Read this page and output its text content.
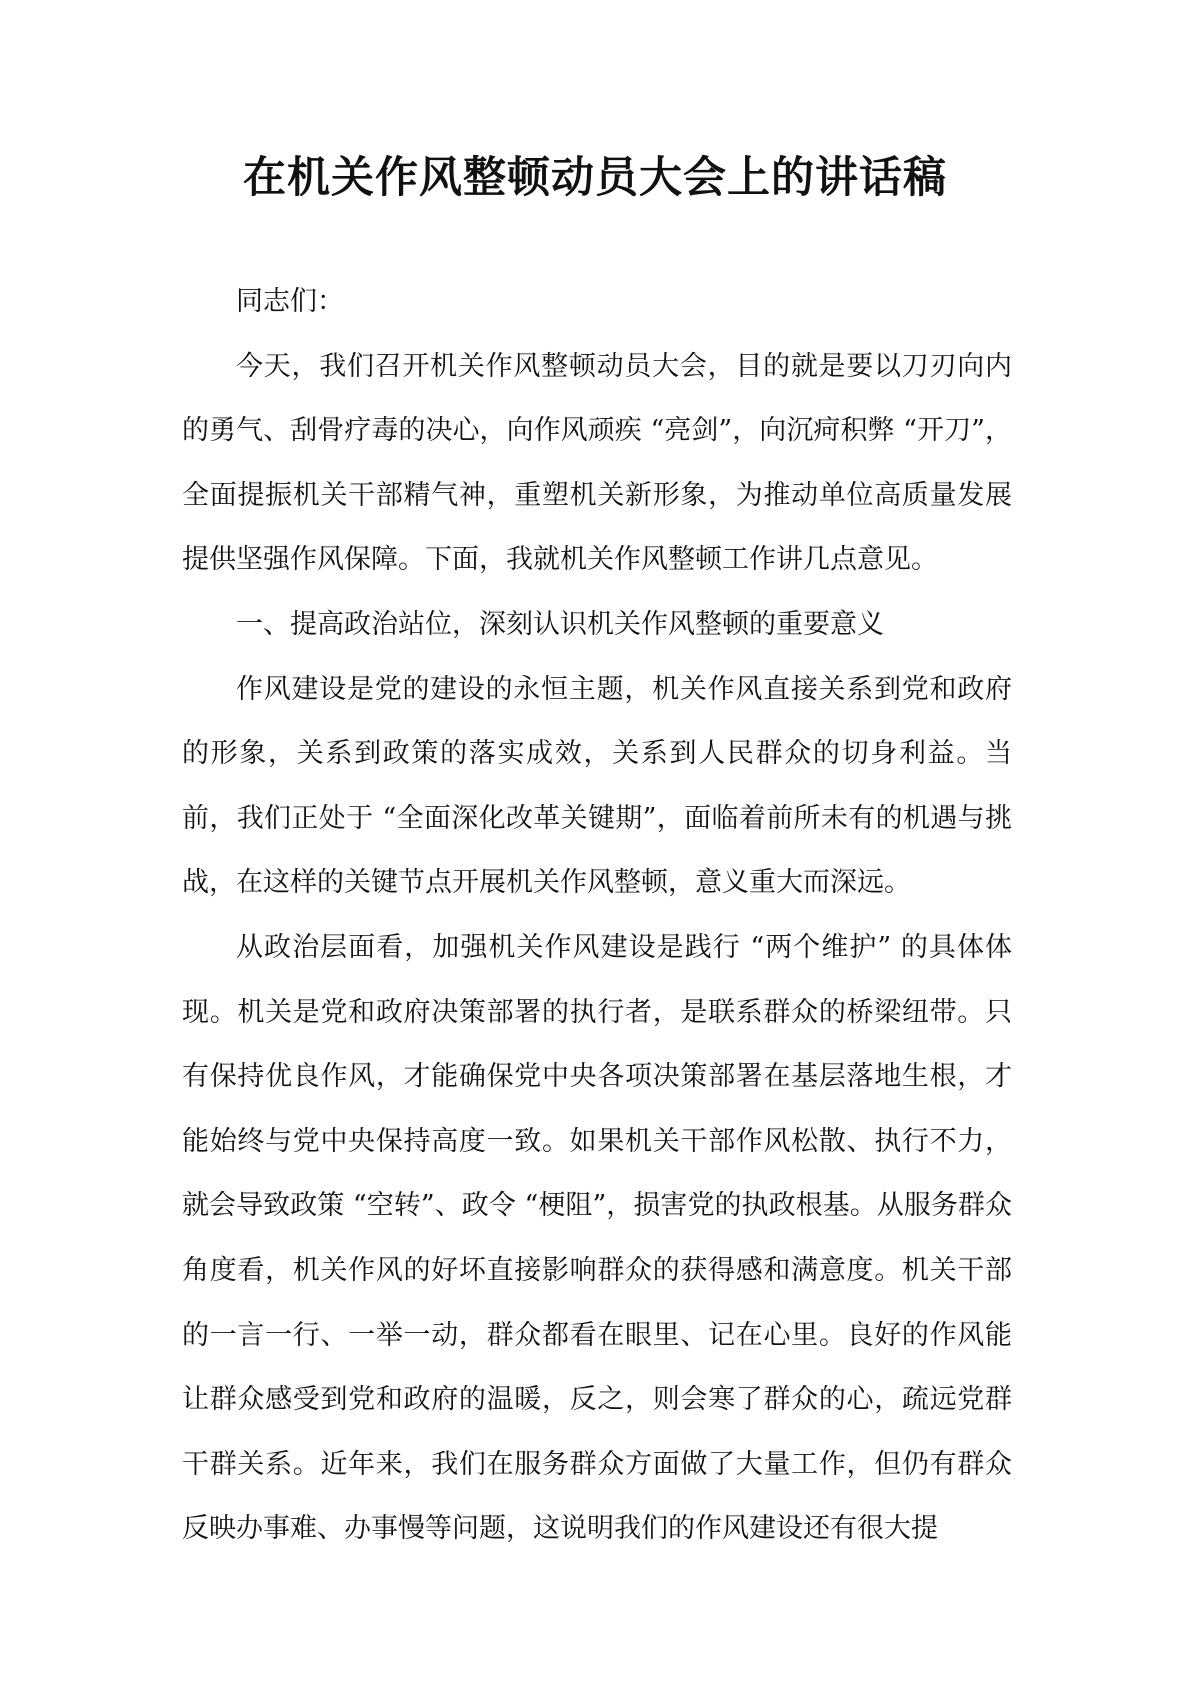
在机关作风整顿动员大会上的讲话稿

同志们：

今天，我们召开机关作风整顿动员大会，目的就是要以刀刃向内的勇气、刮骨疗毒的决心，向作风顽疾 “亮剑”，向沉疴积弊 “开刀”，全面提振机关干部精气神，重塑机关新形象，为推动单位高质量发展提供坚强作风保障。下面，我就机关作风整顿工作讲几点意见。

一、提高政治站位，深刻认识机关作风整顿的重要意义

作风建设是党的建设的永恒主题，机关作风直接关系到党和政府的形象，关系到政策的落实成效，关系到人民群众的切身利益。当前，我们正处于 “全面深化改革关键期”，面临着前所未有的机遇与挑战，在这样的关键节点开展机关作风整顿，意义重大而深远。

从政治层面看，加强机关作风建设是践行 “两个维护” 的具体体现。机关是党和政府决策部署的执行者，是联系群众的桥梁纽带。只有保持优良作风，才能确保党中央各项决策部署在基层落地生根，才能始终与党中央保持高度一致。如果机关干部作风松散、执行不力，就会导致政策 “空转”、政令 “梗阻”，损害党的执政根基。从服务群众角度看，机关作风的好坏直接影响群众的获得感和满意度。机关干部的一言一行、一举一动，群众都看在眼里、记在心里。良好的作风能让群众感受到党和政府的温暖，反之，则会寒了群众的心，疏远党群干群关系。近年来，我们在服务群众方面做了大量工作，但仍有群众反映办事难、办事慢等问题，这说明我们的作风建设还有很大提
